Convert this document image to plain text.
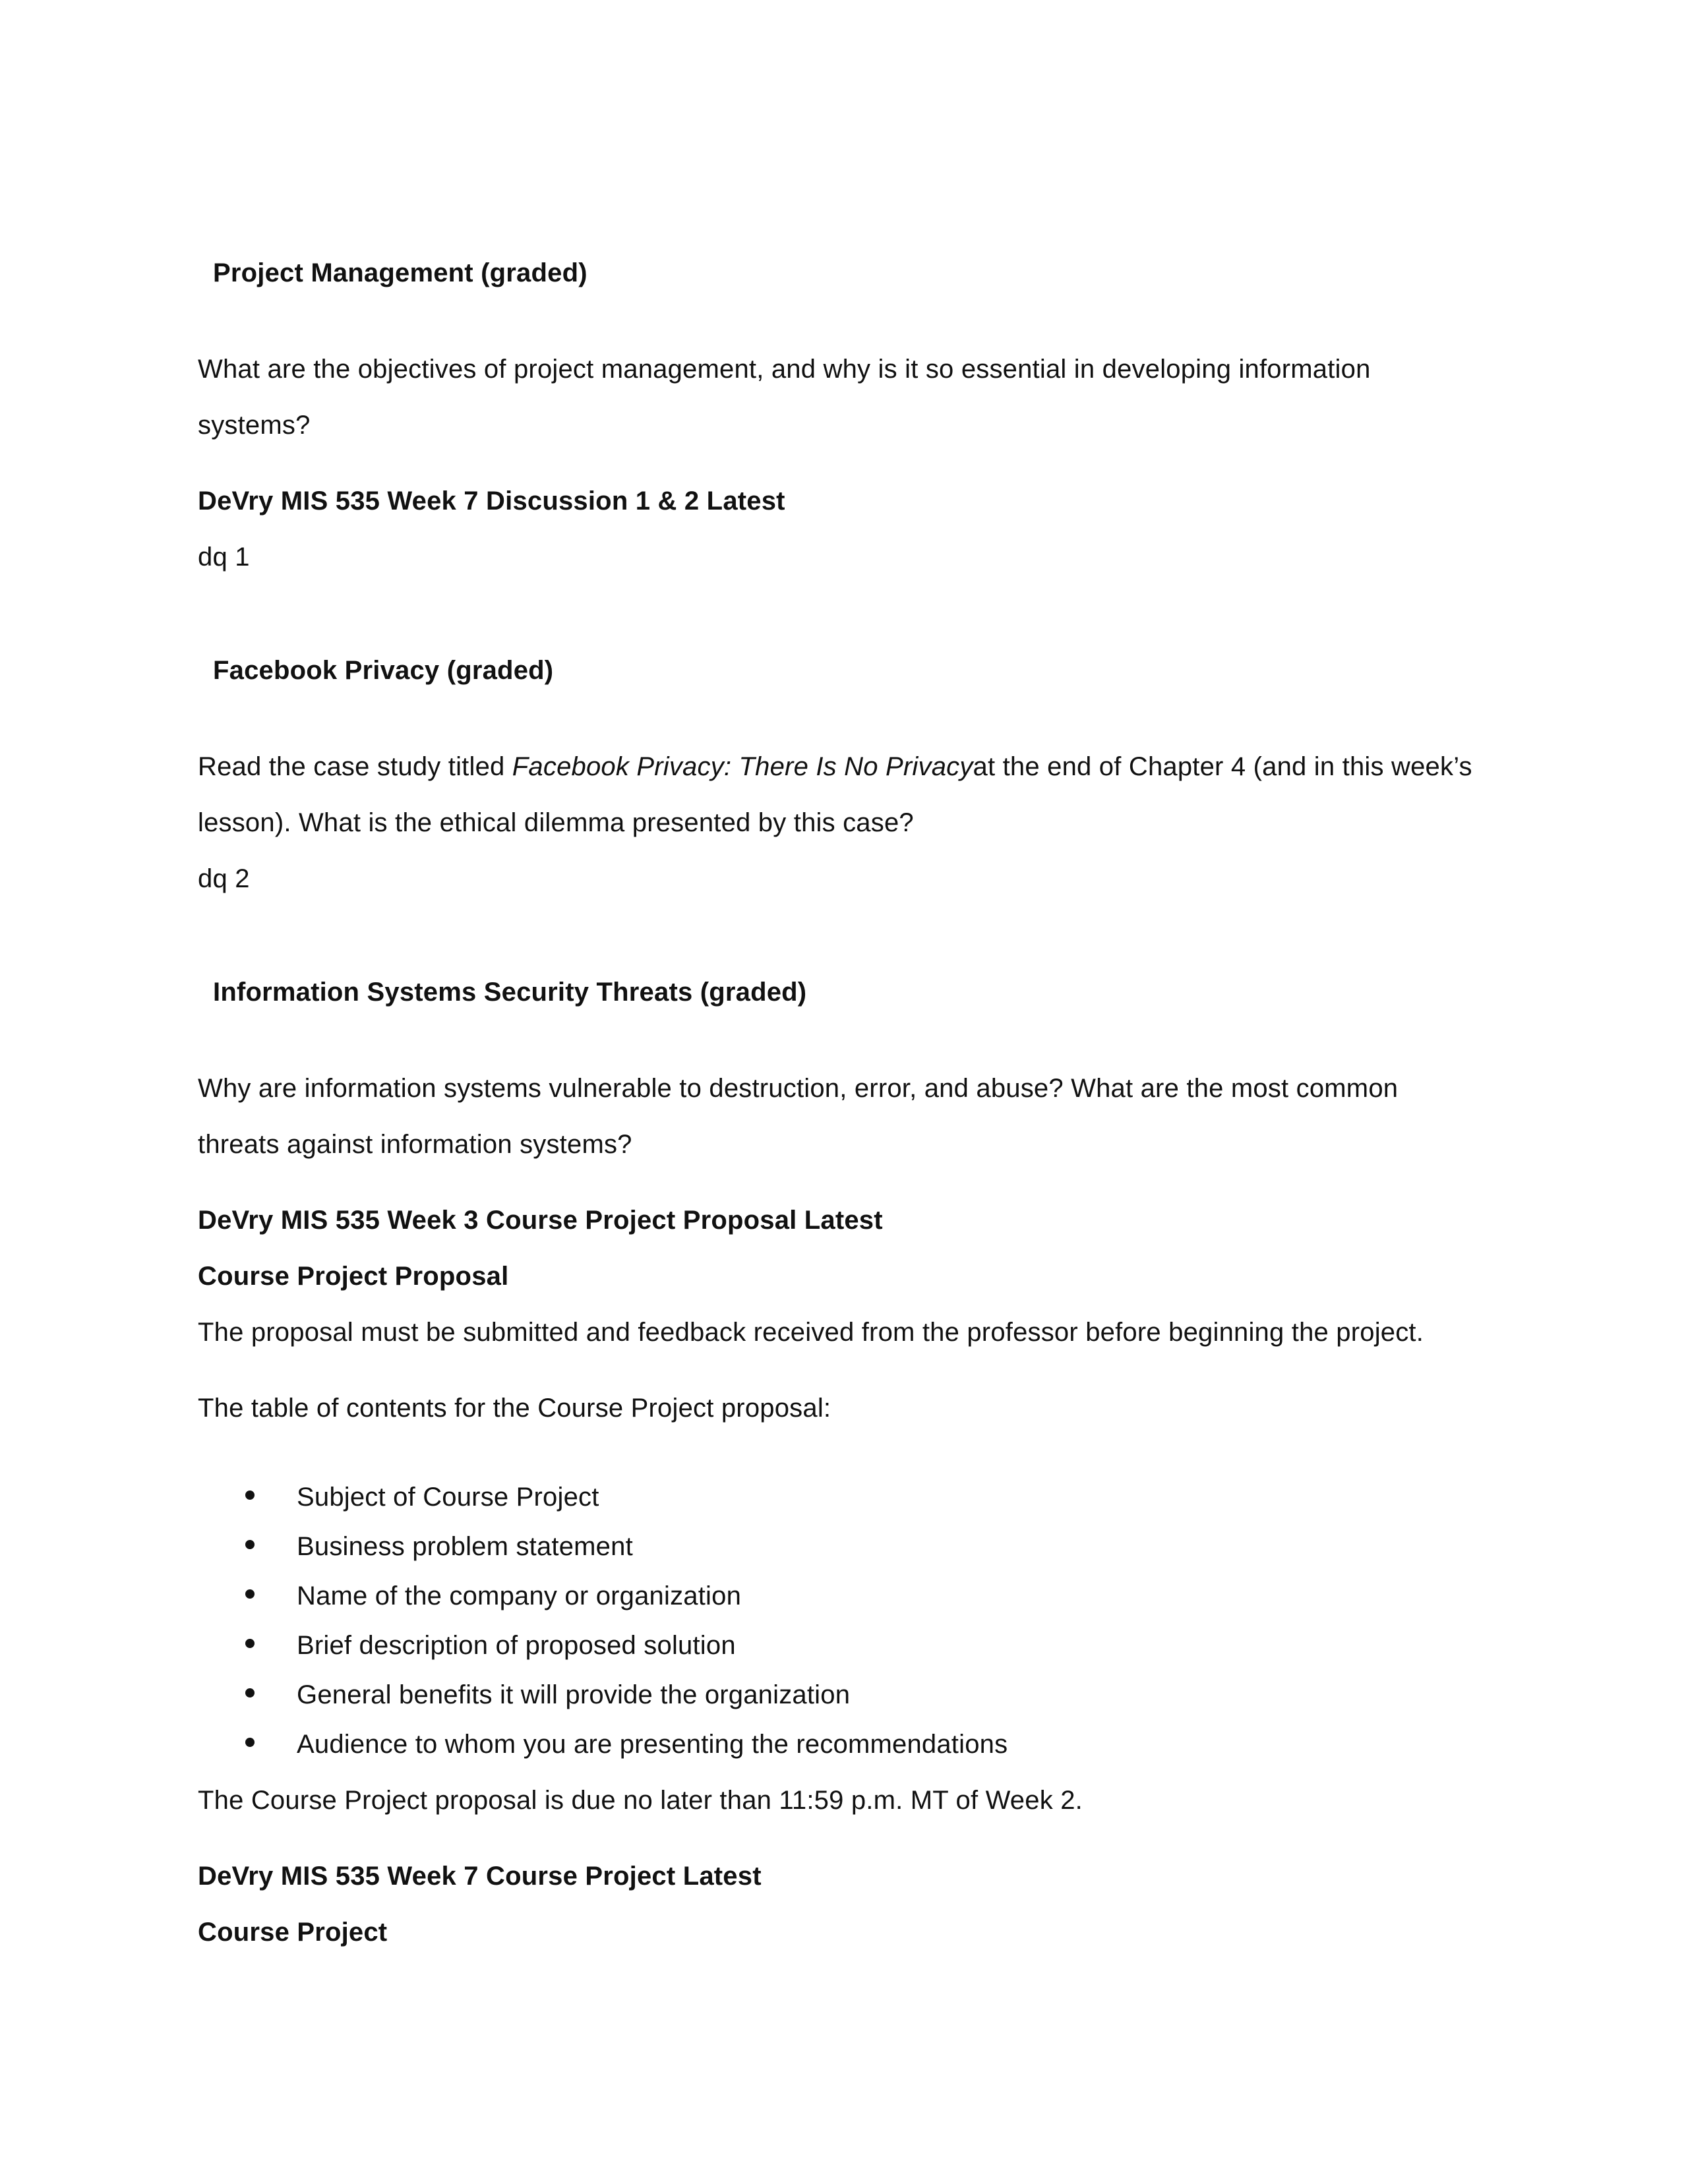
Project Management (graded)
What are the objectives of project management, and why is it so essential in developing information
systems?
DeVry MIS 535 Week 7 Discussion 1 & 2 Latest
dq 1
Facebook Privacy (graded)
Read the case study titled Facebook Privacy: There Is No Privacyat the end of Chapter 4 (and in this week’s
lesson). What is the ethical dilemma presented by this case?
dq 2
Information Systems Security Threats (graded)
Why are information systems vulnerable to destruction, error, and abuse? What are the most common
threats against information systems?
DeVry MIS 535 Week 3 Course Project Proposal Latest
Course Project Proposal
The proposal must be submitted and feedback received from the professor before beginning the project.
The table of contents for the Course Project proposal:
Subject of Course Project
Business problem statement
Name of the company or organization
Brief description of proposed solution
General benefits it will provide the organization
Audience to whom you are presenting the recommendations
The Course Project proposal is due no later than 11:59 p.m. MT of Week 2.
DeVry MIS 535 Week 7 Course Project Latest
Course Project
